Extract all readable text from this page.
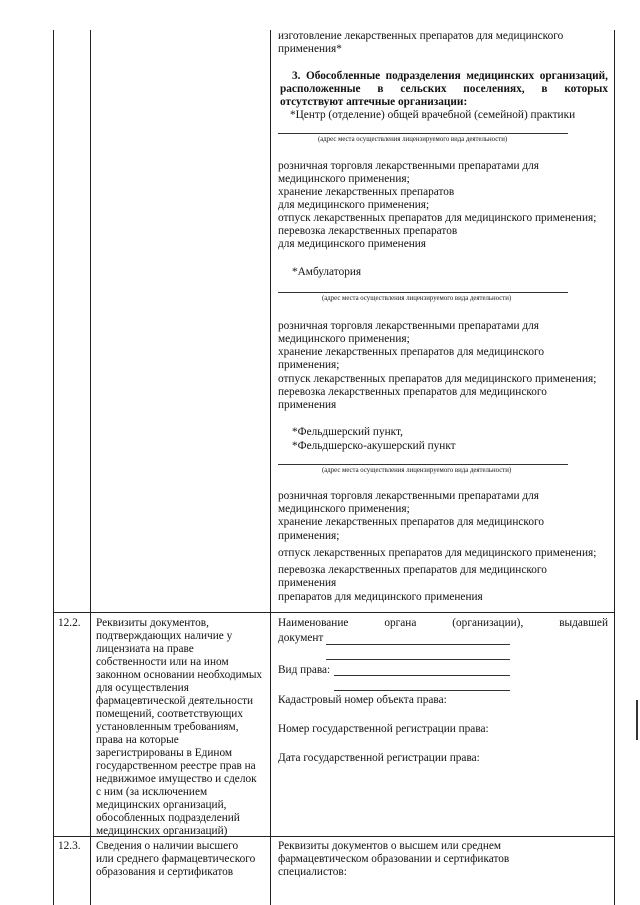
изготовление лекарственных препаратов для медицинского
применения*
3. Обособленные подразделения медицинских организаций,
расположенные в сельских поселениях, в которых
отсутствуют аптечные организации:
*Центр (отделение) общей врачебной (семейной) практики
(адрес места осуществления лицензируемого вида деятельности)
розничная торговля лекарственными препаратами для
медицинского применения;
хранение лекарственных препаратов
для медицинского применения;
отпуск лекарственных препаратов для медицинского применения;
перевозка лекарственных препаратов
для медицинского применения
*Амбулатория
(адрес места осуществления лицензируемого вида деятельности)
розничная торговля лекарственными препаратами для
медицинского применения;
хранение лекарственных препаратов для медицинского
применения;
отпуск лекарственных препаратов для медицинского применения;
перевозка лекарственных препаратов для медицинского
применения
*Фельдшерский пункт,
*Фельдшерско-акушерский пункт
(адрес места осуществления лицензируемого вида деятельности)
розничная торговля лекарственными препаратами для
медицинского применения;
хранение лекарственных препаратов для медицинского
применения;
отпуск лекарственных препаратов для медицинского применения;
перевозка лекарственных препаратов для медицинского
применения
препаратов для медицинского применения
12.2. Реквизиты документов,
подтверждающих наличие у
лицензиата на праве
собственности или на ином
законном основании необходимых
для осуществления
фармацевтической деятельности
помещений, соответствующих
установленным требованиям,
права на которые
зарегистрированы в Едином
государственном реестре прав на
недвижимое имущество и сделок
с ним (за исключением
медицинских организаций,
обособленных подразделений
медицинских организаций)
Наименование органа (организации), выдавшей
документ
Вид права:
Кадастровый номер объекта права:
Номер государственной регистрации права:
Дата государственной регистрации права:
12.3. Сведения о наличии высшего
или среднего фармацевтического
образования и сертификатов
Реквизиты документов о высшем или среднем
фармацевтическом образовании и сертификатов
специалистов:
